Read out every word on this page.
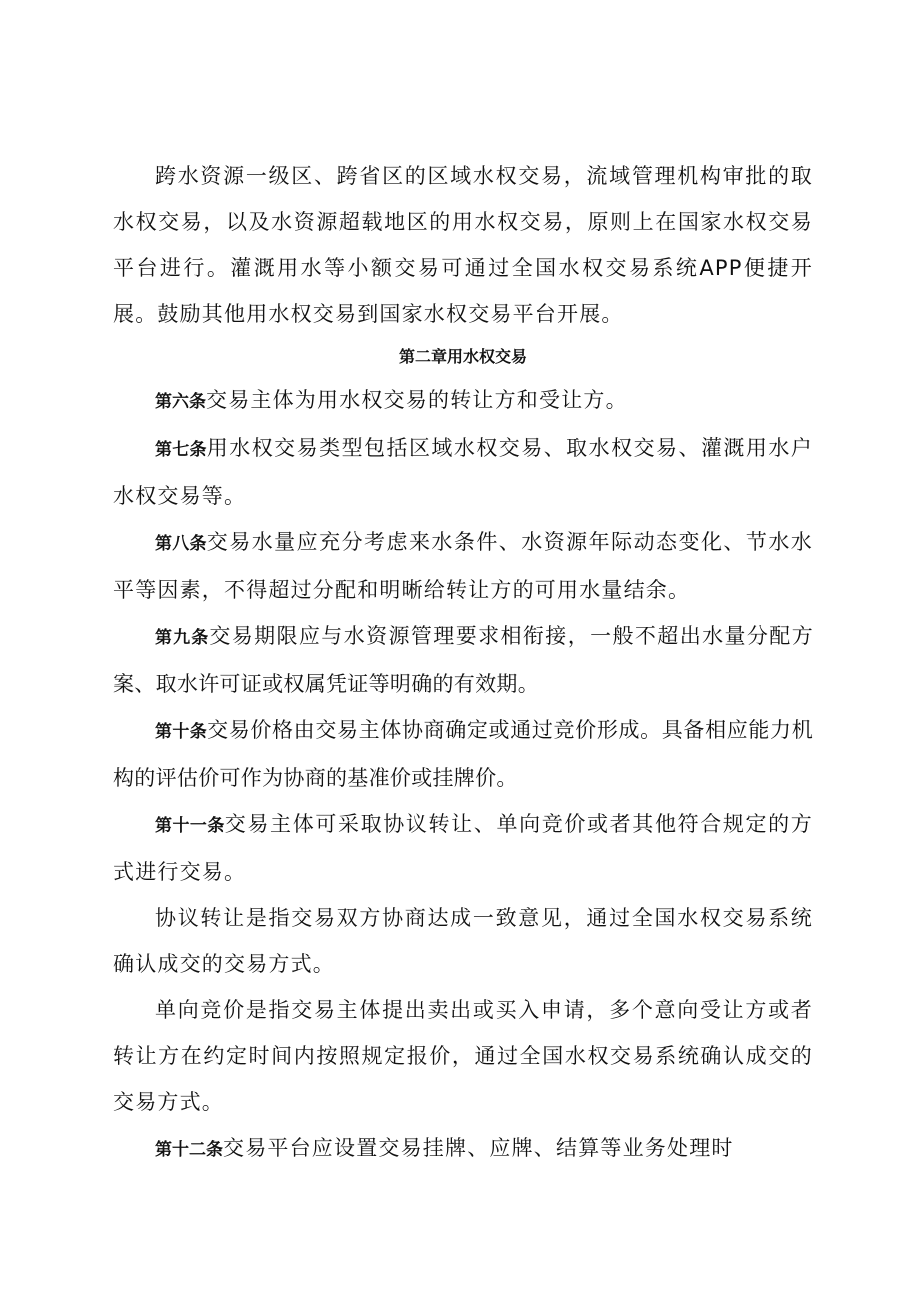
跨水资源一级区、跨省区的区域水权交易，流域管理机构审批的取水权交易，以及水资源超载地区的用水权交易，原则上在国家水权交易平台进行。灌溉用水等小额交易可通过全国水权交易系统APP便捷开展。鼓励其他用水权交易到国家水权交易平台开展。

第二章用水权交易

第六条交易主体为用水权交易的转让方和受让方。

第七条用水权交易类型包括区域水权交易、取水权交易、灌溉用水户水权交易等。

第八条交易水量应充分考虑来水条件、水资源年际动态变化、节水水平等因素，不得超过分配和明晰给转让方的可用水量结余。

第九条交易期限应与水资源管理要求相衔接，一般不超出水量分配方案、取水许可证或权属凭证等明确的有效期。

第十条交易价格由交易主体协商确定或通过竞价形成。具备相应能力机构的评估价可作为协商的基准价或挂牌价。

第十一条交易主体可采取协议转让、单向竞价或者其他符合规定的方式进行交易。

协议转让是指交易双方协商达成一致意见，通过全国水权交易系统确认成交的交易方式。

单向竞价是指交易主体提出卖出或买入申请，多个意向受让方或者转让方在约定时间内按照规定报价，通过全国水权交易系统确认成交的交易方式。

第十二条交易平台应设置交易挂牌、应牌、结算等业务处理时
